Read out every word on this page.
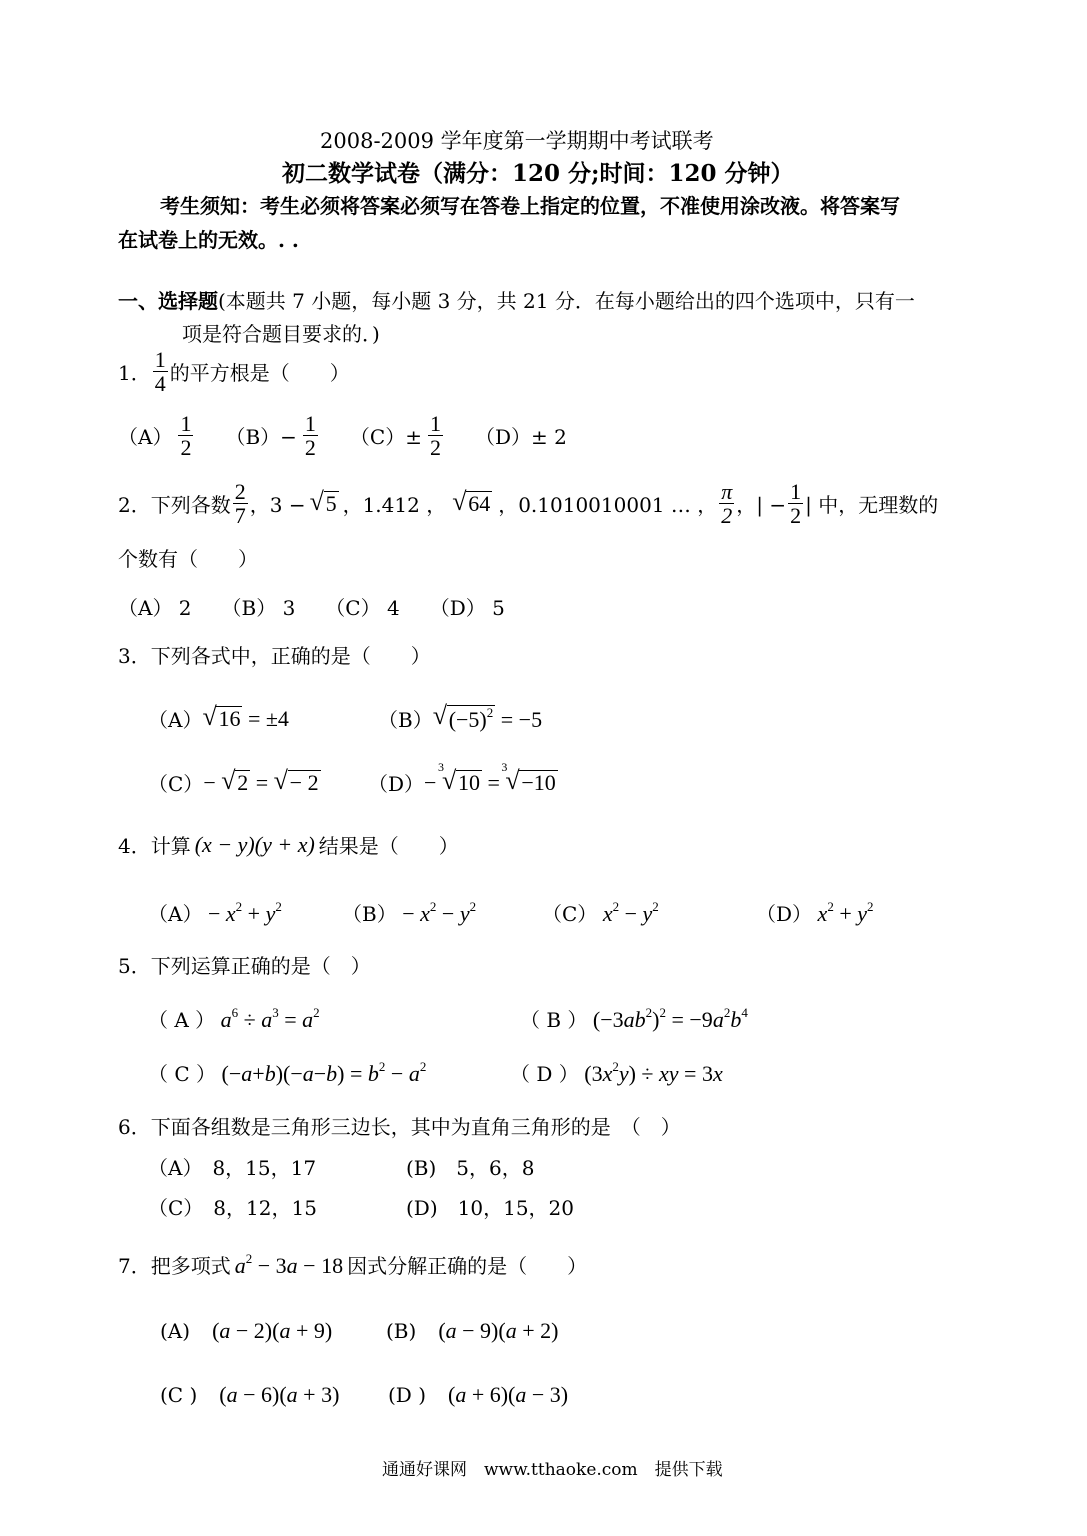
2008-2009 学年度第一学期期中考试联考
初二数学试卷（满分：120 分;时间：120 分钟）
考生须知：考生必须将答案必须写在答卷上指定的位置，不准使用涂改液。将答案写
在试卷上的无效。. .
一、选择题(本题共 7 小题，每小题 3 分，共 21 分．在每小题给出的四个选项中，只有一
项是符合题目要求的．)
1． $\frac{1}{4}$ 的平方根是（　　）
$(A) \frac{1}{2} (B)- \frac{1}{2} (C)\pm \frac{1}{2} (D)\pm 2$
2．下列各数 $\frac{2}{7}$ ，3 − √ 5 ，1.412 ， √ 64 ，0.1010010001 … ， $\frac{\pi}{2}$ ，| − $\frac{1}{2}$ | 中，无理数的
个数有（　　）
（A） 2　　（B） 3　　（C） 4　　（D） 5
3．下列各式中，正确的是（　　）
（A） √ 16 = ±4	（B） √ $(-5)^2 = -5$
（C） − √ 2 = √ − 2 （D） −
3
√ 10 =
3
√ −10
4．计算 (x − y)(y + x) 结果是（　　）
$(A) - x^2 + y^2$	$(B) - x^2 - y^2$	（C） $x^2 - y^2$	（D） $x^2 + y^2$
5．下列运算正确的是（　）
（ A ） $a^6 \div a^3 = a^2$	（ B ） $(-3ab^2)^2 = -9a^2b^4$
（ C ） $(-a+b)(-a-b) = b^2 - a^2$	（ D ） $(3x^2y)$ ÷ xy = 3x
6．下面各组数是三角形三边长，其中为直角三角形的是　（　）
（A）　8，15，17	(B)　5，6，8
（C）　8，12，15	(D)　10，15，20
7．把多项式 $a^2 - 3a - 18$ 因式分解正确的是（　　）
(A)　(a − 2)(a + 9)	(B)　(a − 9)(a + 2)
(C )　(a − 6)(a + 3) (D )　(a + 6)(a − 3)
通通好课网　www.tthaoke.com　提供下载
